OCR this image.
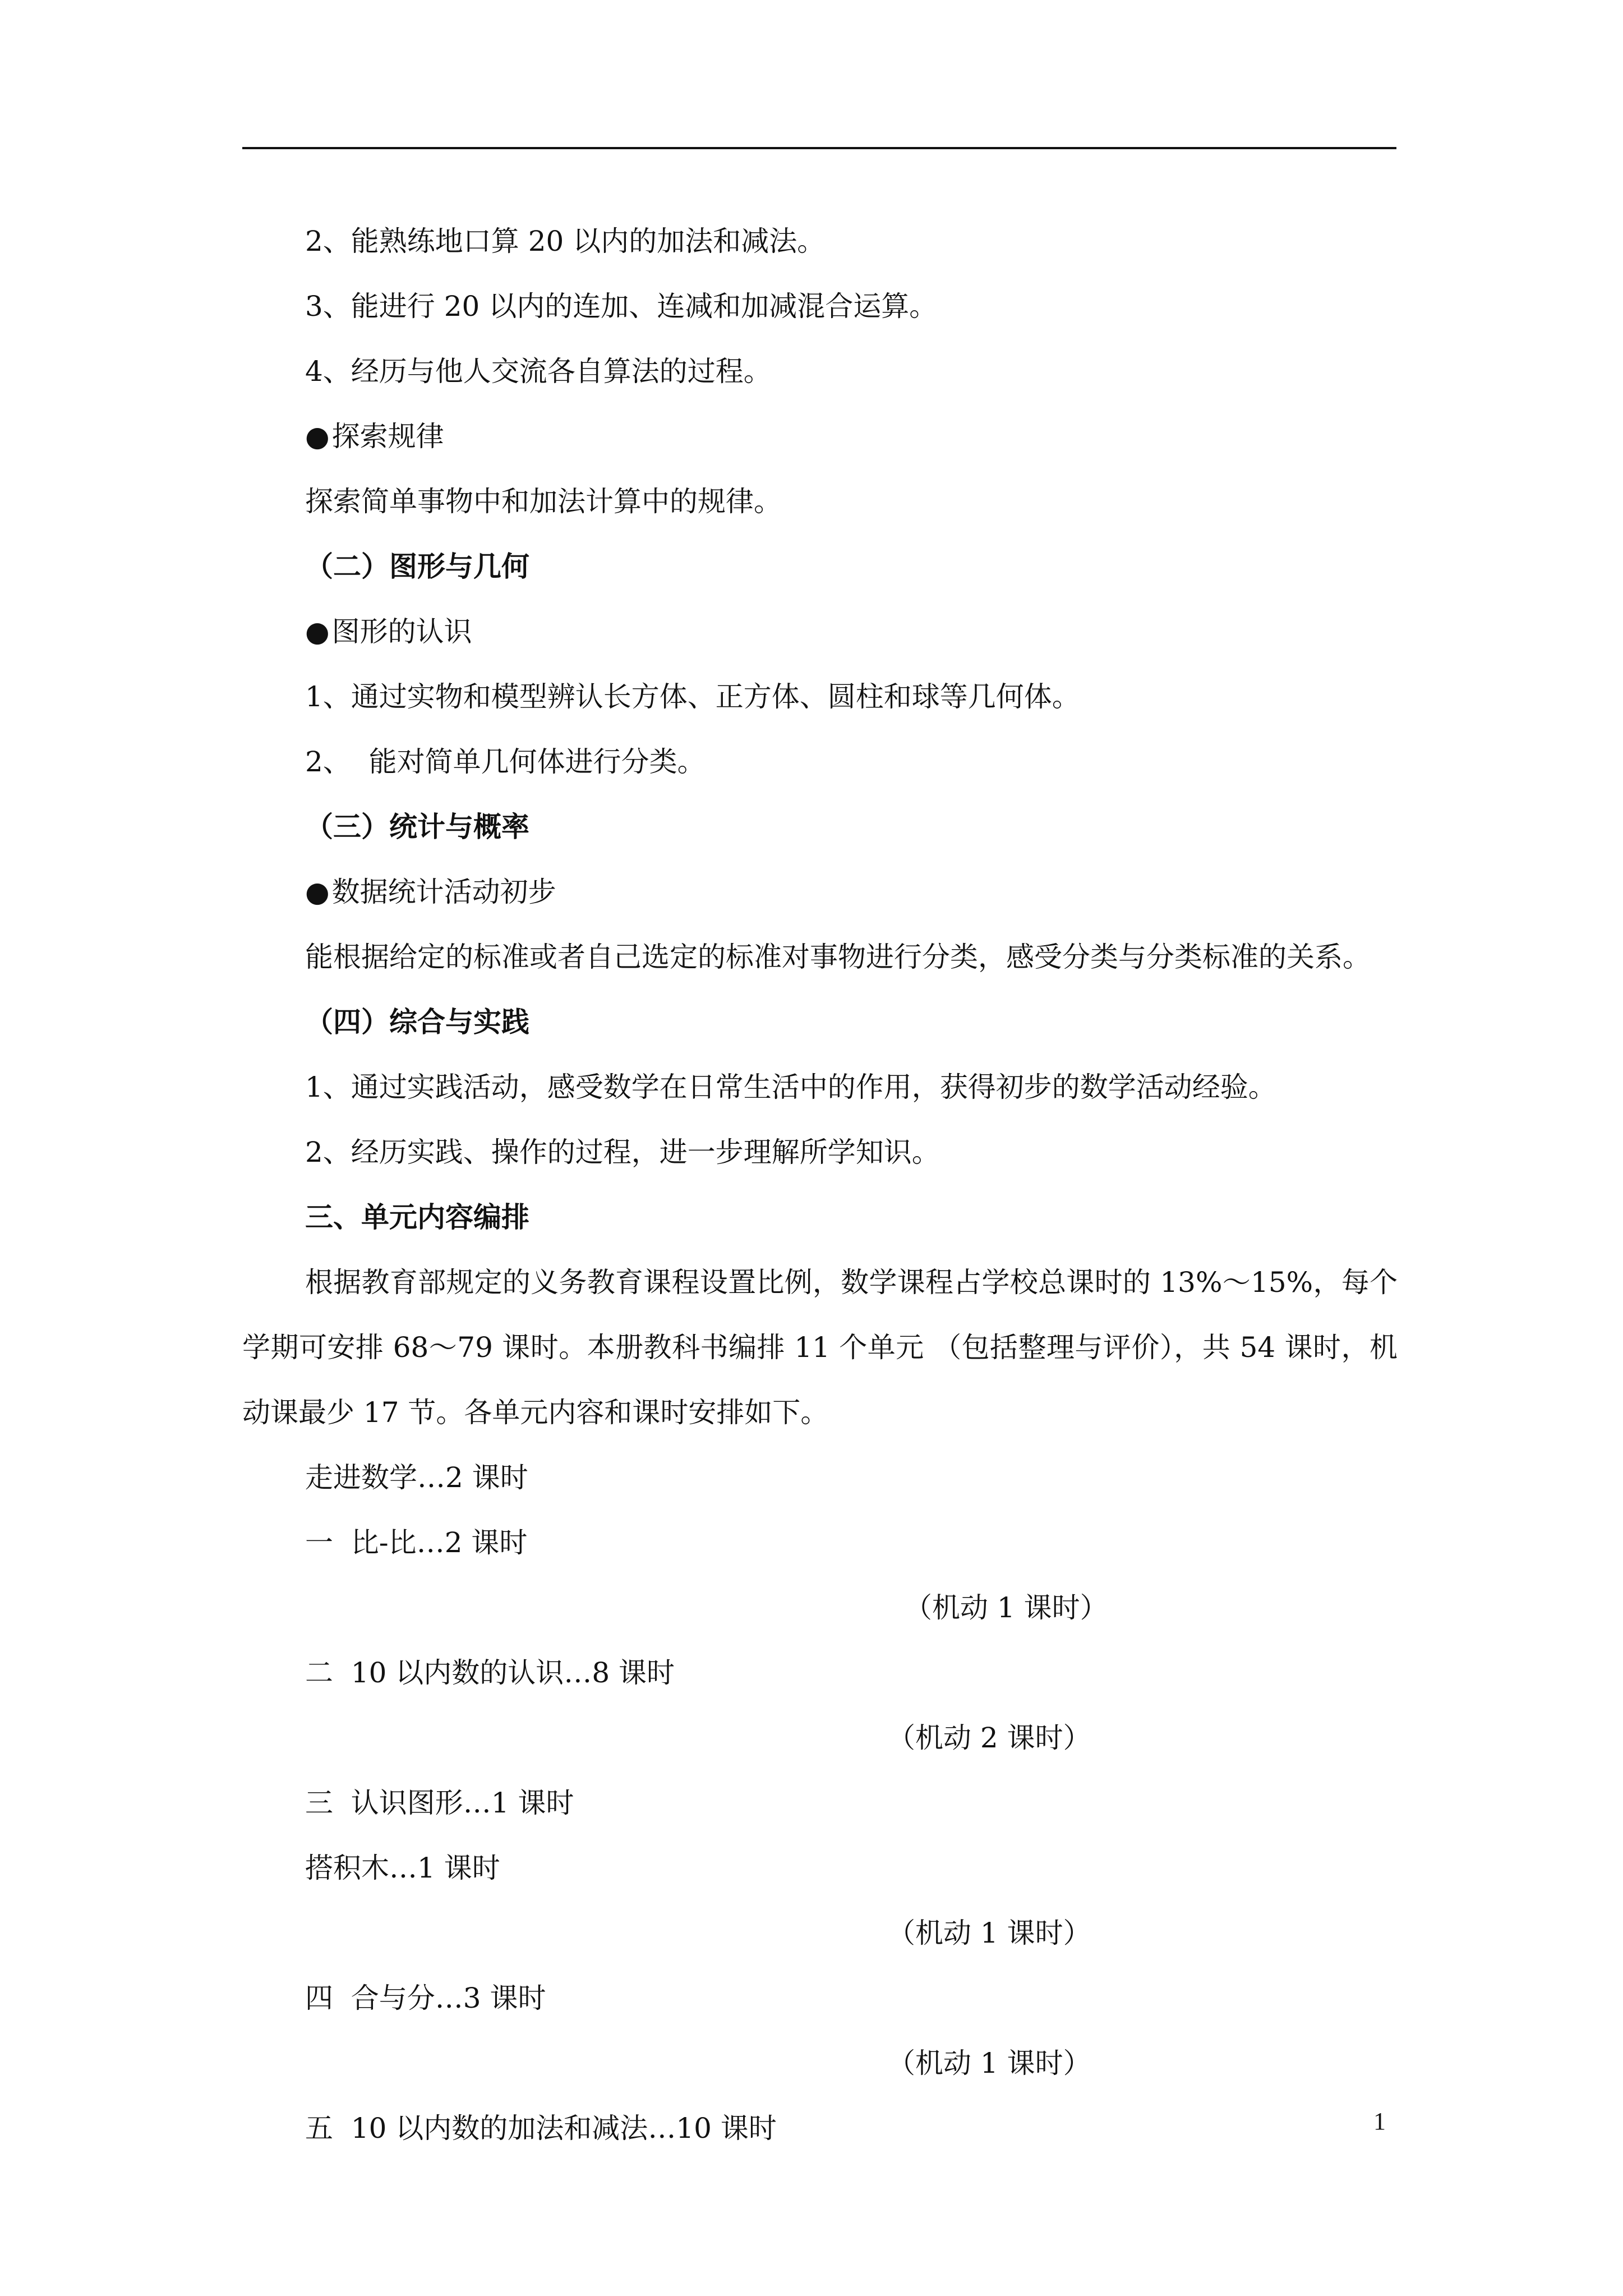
2、能熟练地口算 20 以内的加法和减法。
3、能进行 20 以内的连加、连减和加减混合运算。
4、经历与他人交流各自算法的过程。
●探索规律
探索简单事物中和加法计算中的规律。
（二）图形与几何
●图形的认识
1、通过实物和模型辨认长方体、正方体、圆柱和球等几何体。
2、  能对简单几何体进行分类。
（三）统计与概率
●数据统计活动初步
能根据给定的标准或者自己选定的标准对事物进行分类，感受分类与分类标准的关系。
（四）综合与实践
1、通过实践活动，感受数学在日常生活中的作用，获得初步的数学活动经验。
2、经历实践、操作的过程，进一步理解所学知识。
三、单元内容编排
根据教育部规定的义务教育课程设置比例，数学课程占学校总课时的 13%～15%，每个学期可安排 68～79 课时。本册教科书编排 11 个单元 （包括整理与评价），共 54 课时，机动课最少 17 节。各单元内容和课时安排如下。
走进数学…2 课时
一  比-比…2 课时
（机动 1 课时）
二  10 以内数的认识…8 课时
（机动 2 课时）
三  认识图形…1 课时
搭积木…1 课时
（机动 1 课时）
四  合与分…3 课时
（机动 1 课时）
五  10 以内数的加法和减法…10 课时	1
